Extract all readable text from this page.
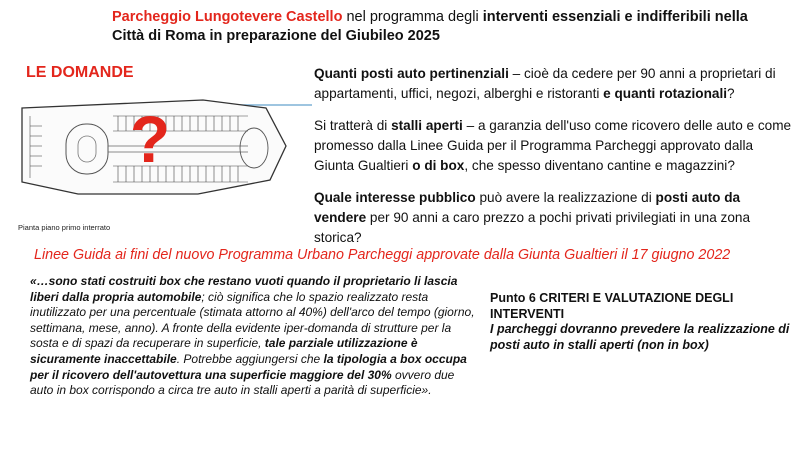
Parcheggio Lungotevere Castello nel programma degli interventi essenziali e indifferibili nella Città di Roma in preparazione del Giubileo 2025
LE DOMANDE
?
Pianta piano primo interrato

Quanti posti auto pertinenziali – cioè da cedere per 90 anni a proprietari di appartamenti, uffici, negozi, alberghi e ristoranti e quanti rotazionali?

Si tratterà di stalli aperti – a garanzia dell'uso come ricovero delle auto e come promesso dalla Linee Guida per il Programma Parcheggi approvato dalla Giunta Gualtieri o di box, che spesso diventano cantine e magazzini?

Quale interesse pubblico può avere la realizzazione di posti auto da vendere per 90 anni a caro prezzo a pochi privati privilegiati in una zona storica?

Linee Guida ai fini del nuovo Programma Urbano Parcheggi approvate dalla Giunta Gualtieri il 17 giugno 2022
«…sono stati costruiti box che restano vuoti quando il proprietario li lascia liberi dalla propria automobile; ciò significa che lo spazio realizzato resta inutilizzato per una percentuale (stimata attorno al 40%) dell'arco del tempo (giorno, settimana, mese, anno). A fronte della evidente iper-domanda di strutture per la sosta e di spazi da recuperare in superficie, tale parziale utilizzazione è sicuramente inaccettabile. Potrebbe aggiungersi che la tipologia a box occupa per il ricovero dell'autovettura una superficie maggiore del 30% ovvero due auto in box corrispondo a circa tre auto in stalli aperti a parità di superficie».
Punto 6 CRITERI E VALUTAZIONE DEGLI INTERVENTI
I parcheggi dovranno prevedere la realizzazione di posti auto in stalli aperti (non in box)
